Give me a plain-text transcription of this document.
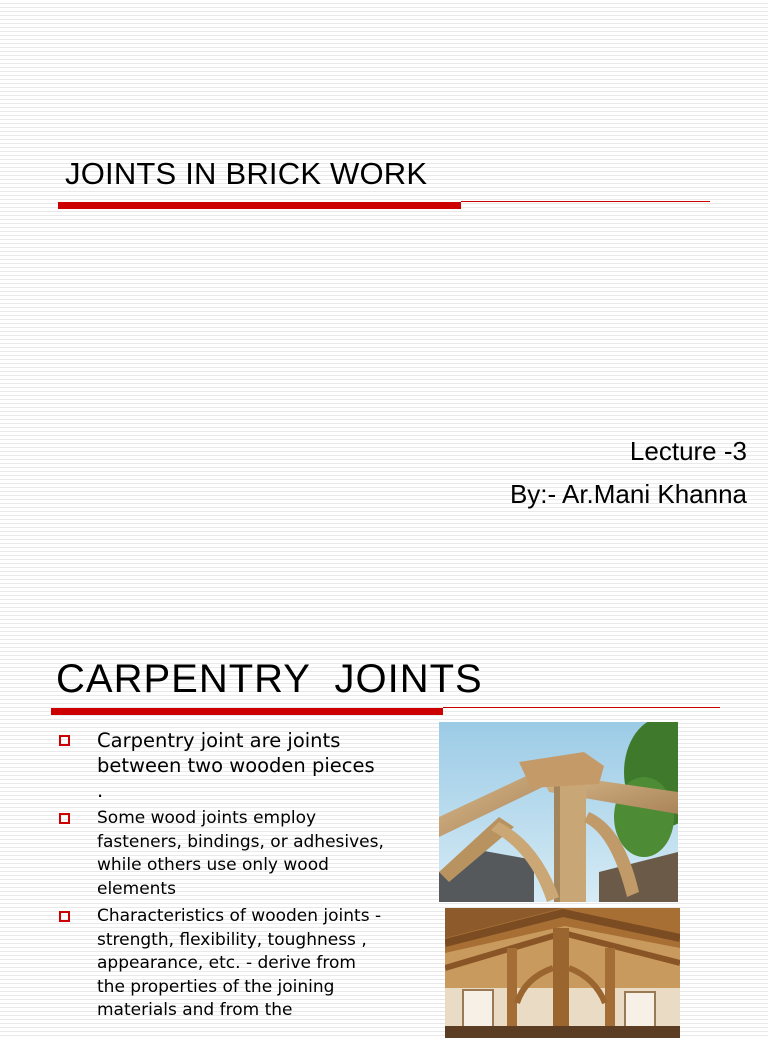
JOINTS IN BRICK WORK

Lecture -3

By:- Ar.Mani Khanna

CARPENTRY  JOINTS
Carpentry joint are joints between two wooden pieces .
Some wood joints employ fasteners, bindings, or adhesives, while others use only wood elements
Characteristics of wooden joints - strength, flexibility, toughness , appearance, etc. - derive from the properties of the joining materials and from the
